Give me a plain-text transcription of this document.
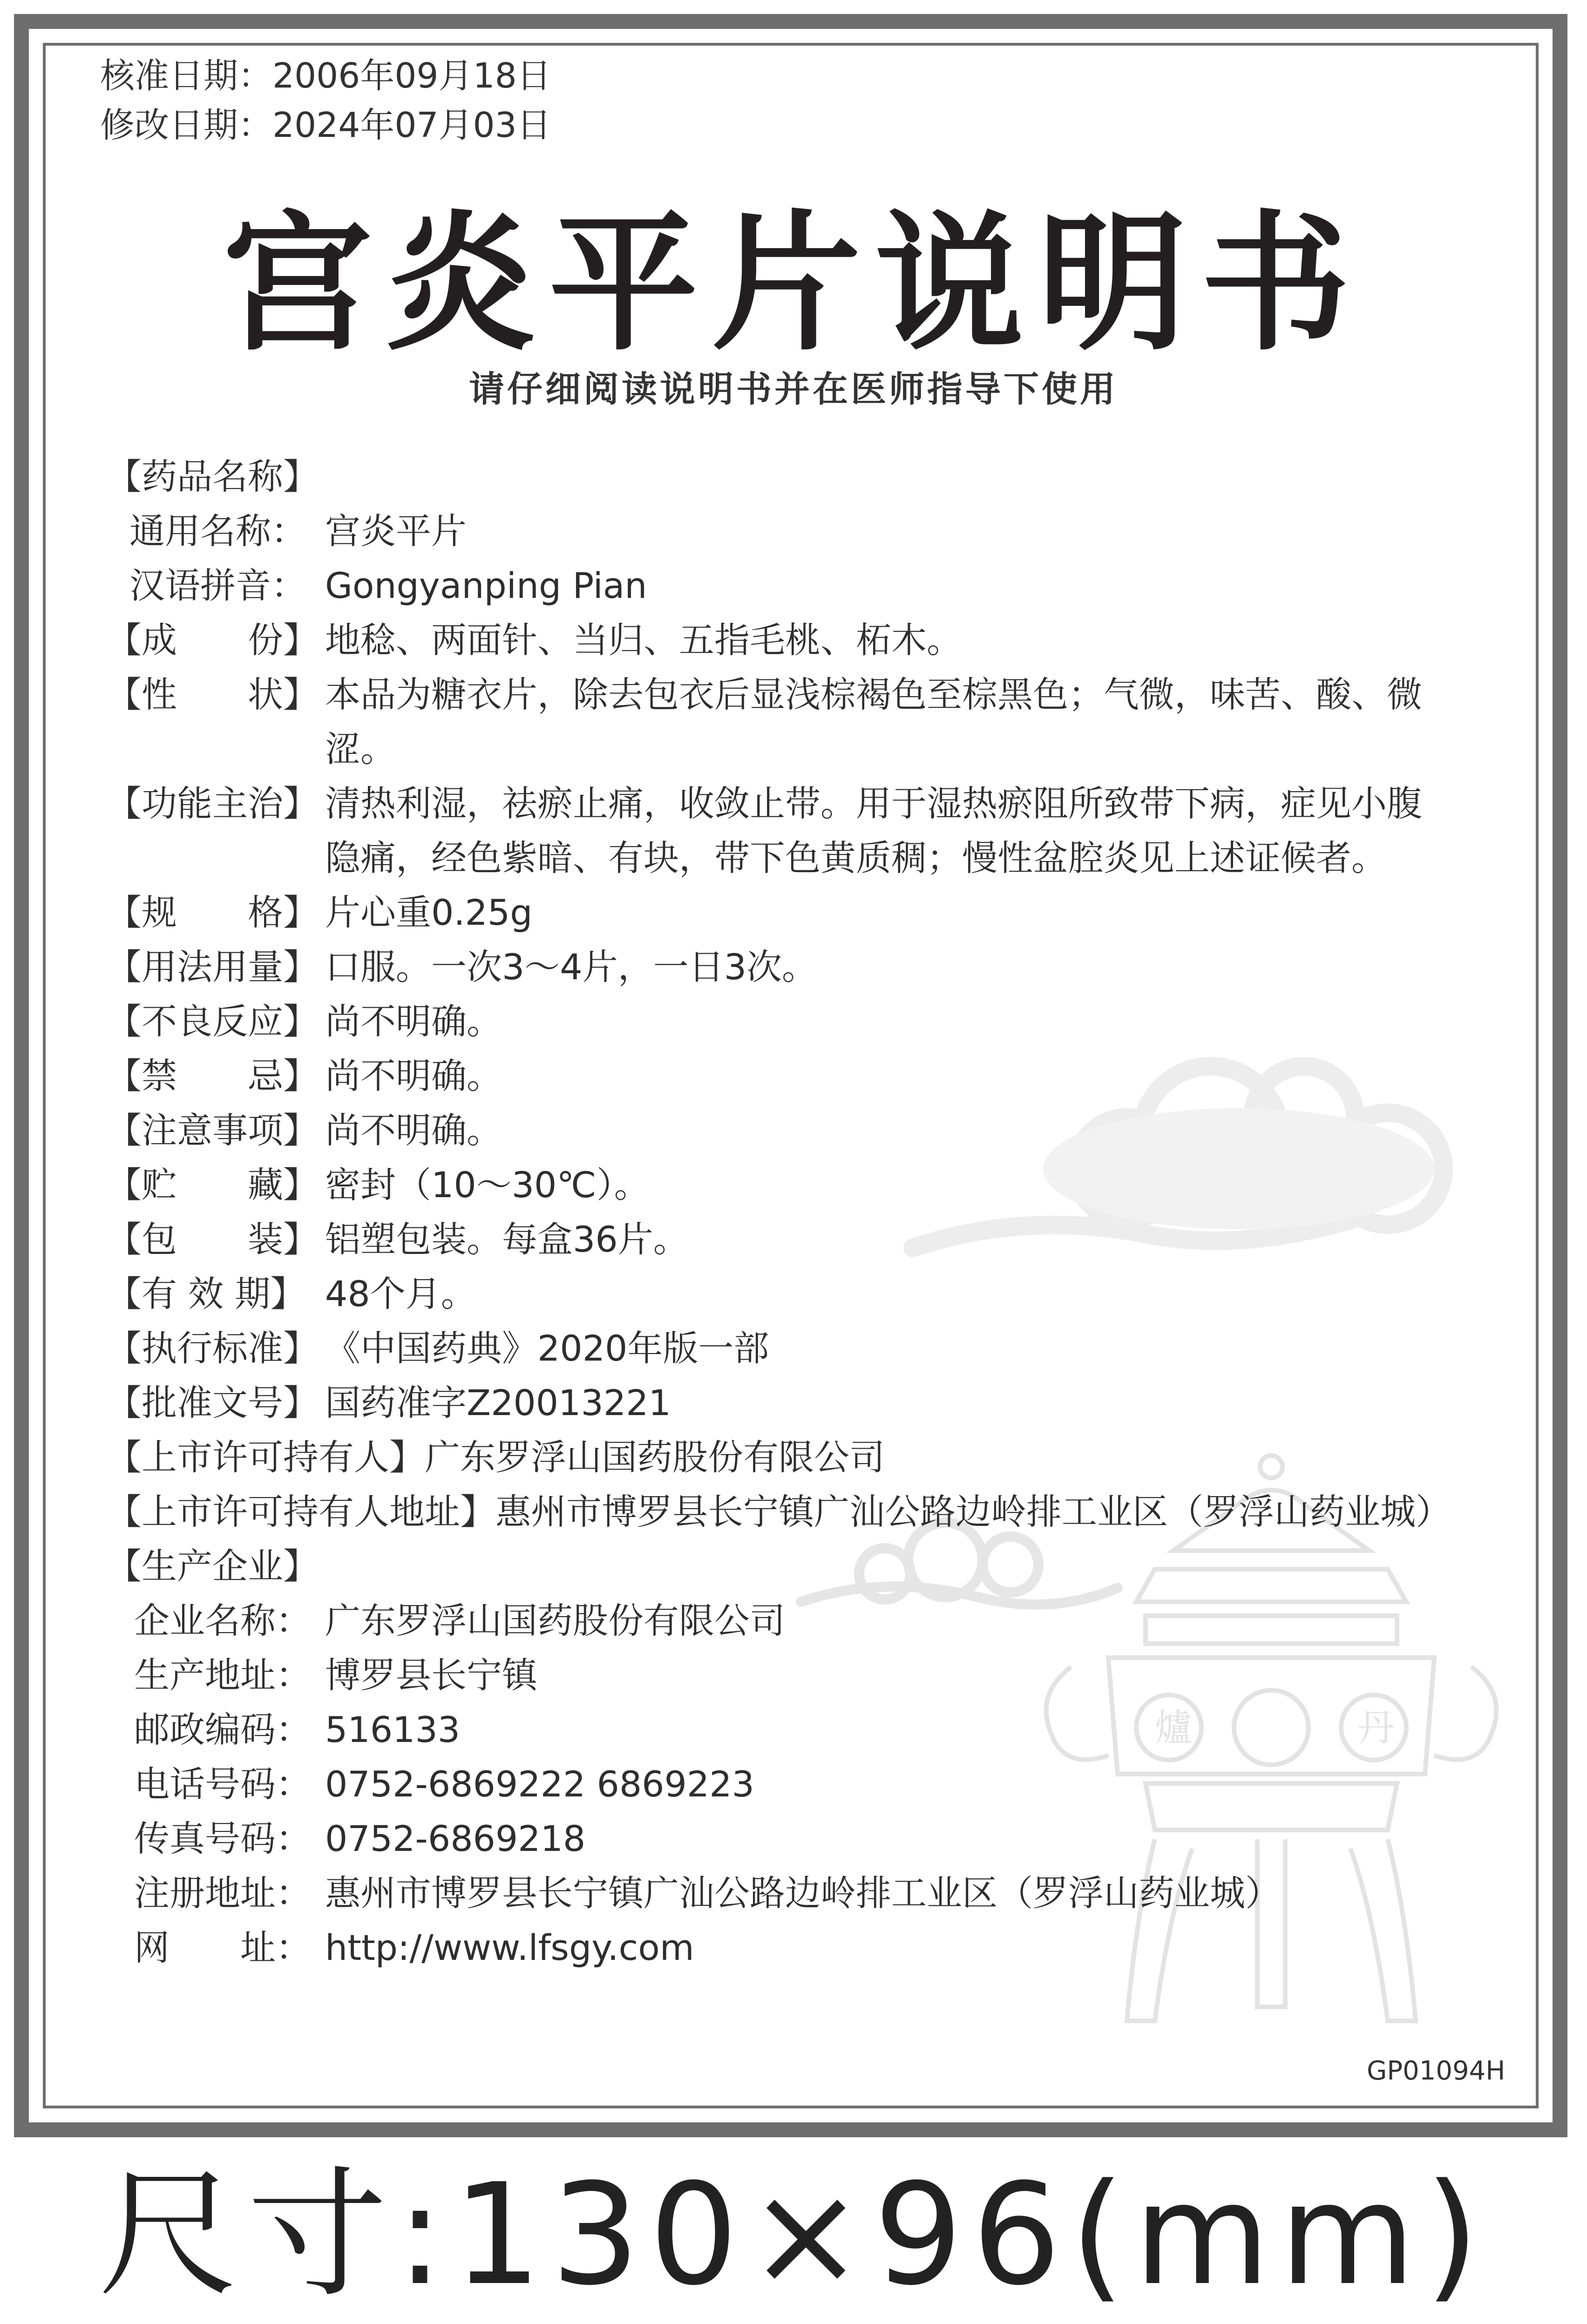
爐	丹
核准日期：2006年09月18日
修改日期：2024年07月03日
宫炎平片说明书
请仔细阅读说明书并在医师指导下使用
【药品名称】
通用名称： 宫炎平片
汉语拼音： Gongyanping Pian
【成　　份】 地稔、两面针、当归、五指毛桃、柘木。
【性　　状】 本品为糖衣片，除去包衣后显浅棕褐色至棕黑色；气微，味苦、酸、微
涩。
【功能主治】 清热利湿，祛瘀止痛，收敛止带。用于湿热瘀阻所致带下病，症见小腹
隐痛，经色紫暗、有块，带下色黄质稠；慢性盆腔炎见上述证候者。
【规　　格】 片心重0.25g
【用法用量】 口服。一次3～4片，一日3次。
【不良反应】 尚不明确。
【禁　　忌】 尚不明确。
【注意事项】 尚不明确。
【贮　　藏】 密封（10～30℃）。
【包　　装】 铝塑包装。每盒36片。
【有 效 期】 48个月。
【执行标准】 《中国药典》2020年版一部
【批准文号】 国药准字Z20013221
【上市许可持有人】 广东罗浮山国药股份有限公司
【上市许可持有人地址】 惠州市博罗县长宁镇广汕公路边岭排工业区（罗浮山药业城）
【生产企业】
企业名称： 广东罗浮山国药股份有限公司
生产地址： 博罗县长宁镇
邮政编码： 516133
电话号码： 0752-6869222 6869223
传真号码： 0752-6869218
注册地址： 惠州市博罗县长宁镇广汕公路边岭排工业区（罗浮山药业城）
网　　址： http://www.lfsgy.com
GP01094H
尺寸:130×96(mm)
